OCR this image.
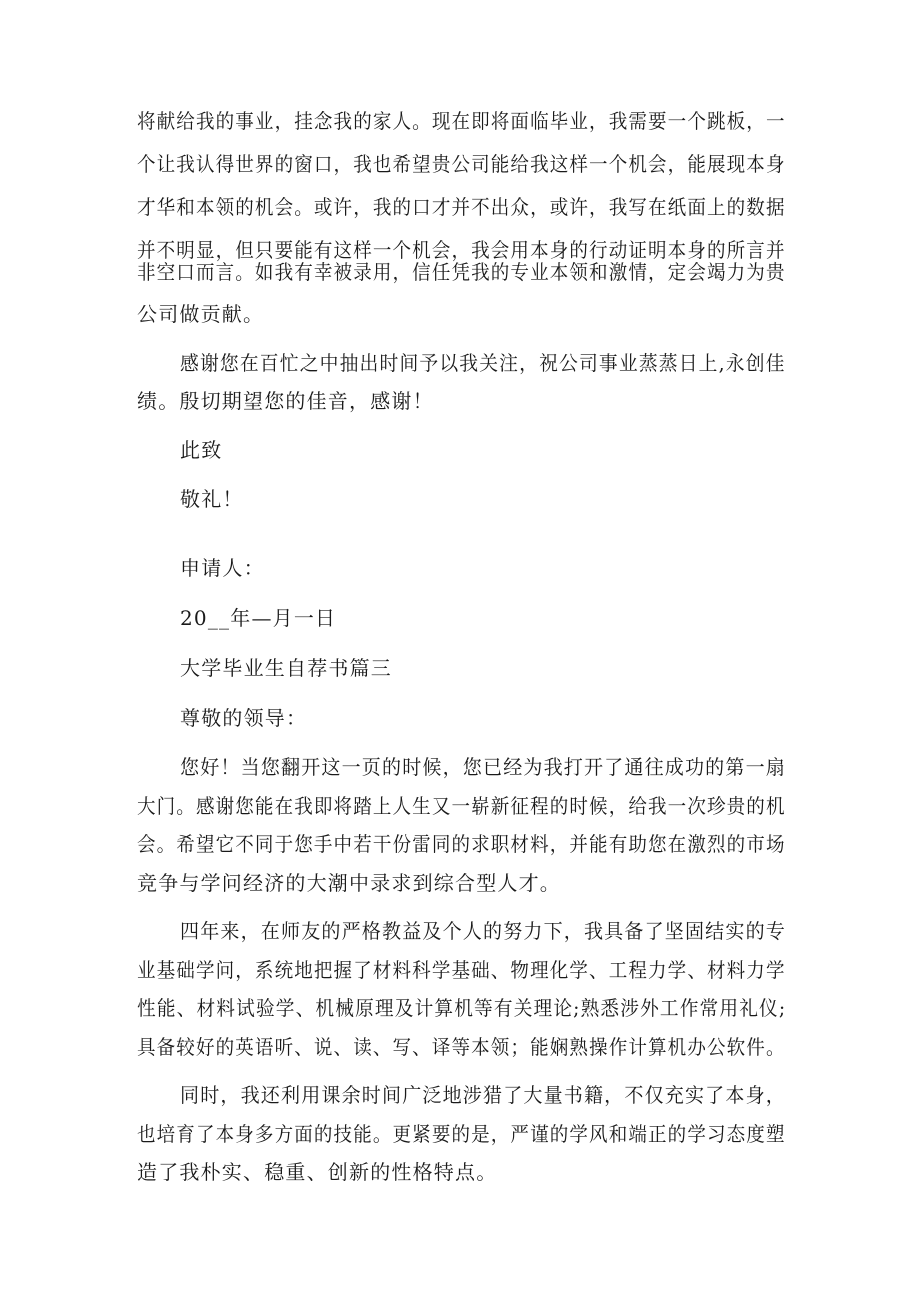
将献给我的事业，挂念我的家人。现在即将面临毕业，我需要一个跳板，一
个让我认得世界的窗口，我也希望贵公司能给我这样一个机会，能展现本身
才华和本领的机会。或许，我的口才并不出众，或许，我写在纸面上的数据
并不明显，但只要能有这样一个机会，我会用本身的行动证明本身的所言并
非空口而言。如我有幸被录用，信任凭我的专业本领和激情，定会竭力为贵
公司做贡献。
感谢您在百忙之中抽出时间予以我关注，祝公司事业蒸蒸日上,永创佳
绩。殷切期望您的佳音，感谢！
此致
敬礼！
申请人：
20__年—月一日
大学毕业生自荐书篇三
尊敬的领导：
您好！当您翻开这一页的时候，您已经为我打开了通往成功的第一扇
大门。感谢您能在我即将踏上人生又一崭新征程的时候，给我一次珍贵的机
会。希望它不同于您手中若干份雷同的求职材料，并能有助您在激烈的市场
竞争与学问经济的大潮中录求到综合型人才。
四年来，在师友的严格教益及个人的努力下，我具备了坚固结实的专
业基础学问，系统地把握了材料科学基础、物理化学、工程力学、材料力学
性能、材料试验学、机械原理及计算机等有关理论;熟悉涉外工作常用礼仪;
具备较好的英语听、说、读、写、译等本领；能娴熟操作计算机办公软件。
同时，我还利用课余时间广泛地涉猎了大量书籍，不仅充实了本身，
也培育了本身多方面的技能。更紧要的是，严谨的学风和端正的学习态度塑
造了我朴实、稳重、创新的性格特点。
